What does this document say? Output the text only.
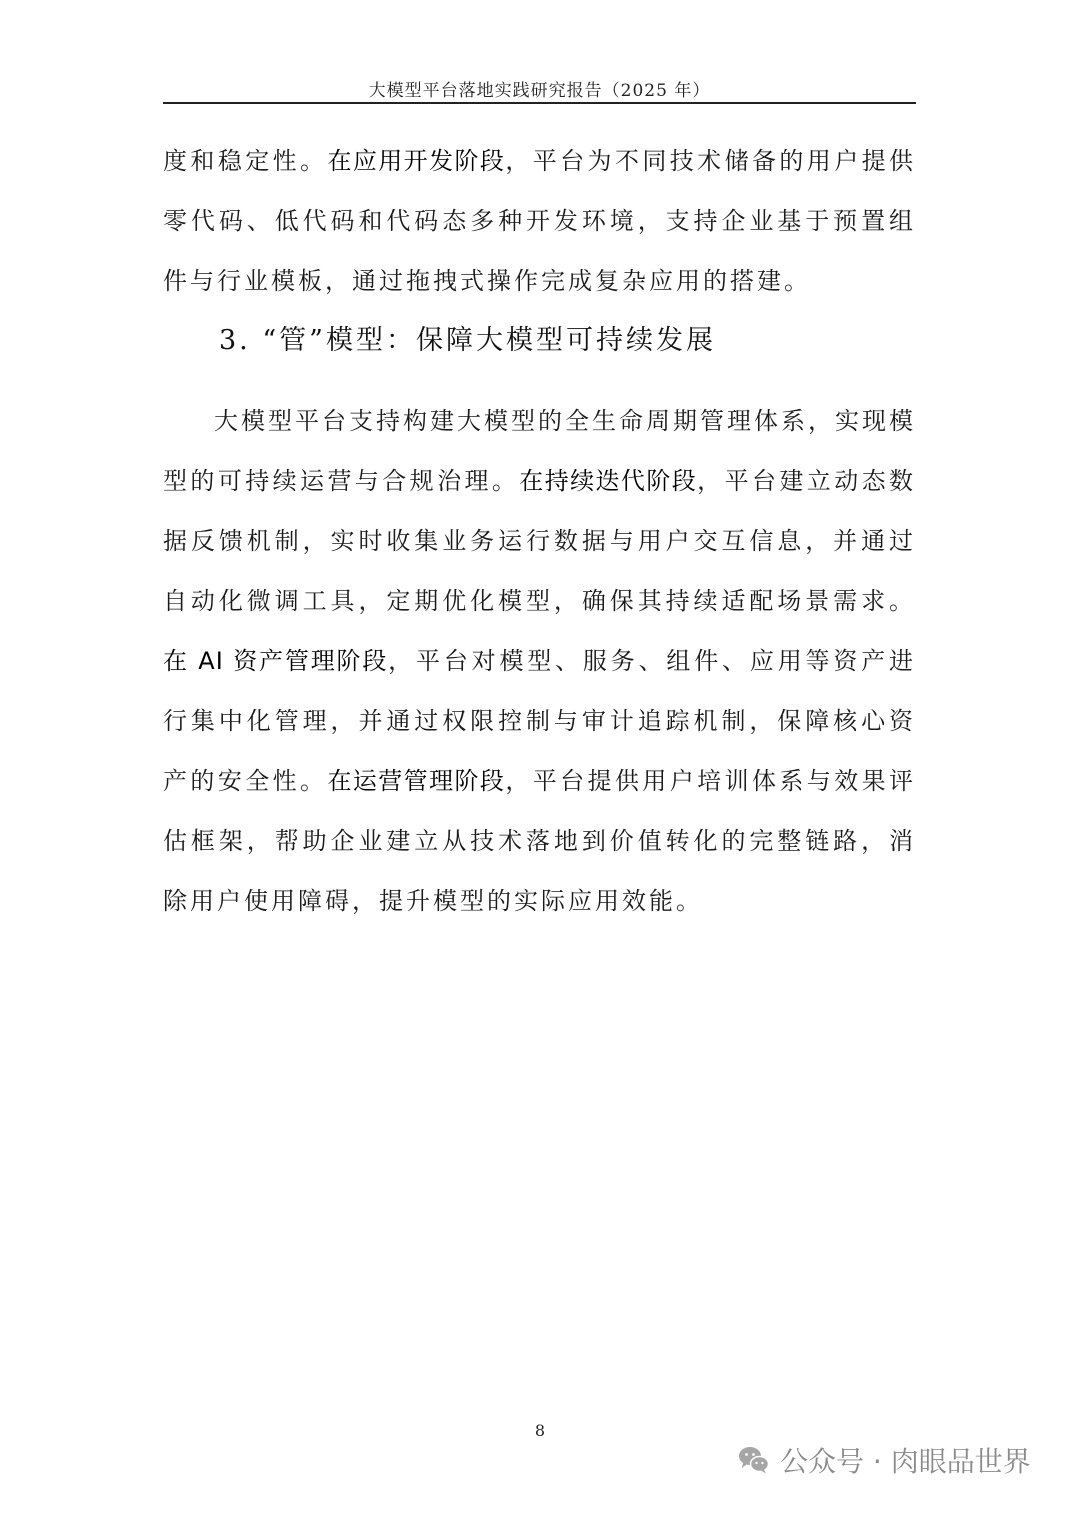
大模型平台落地实践研究报告（2025 年）

度和稳定性。在应用开发阶段，平台为不同技术储备的用户提供零代码、低代码和代码态多种开发环境，支持企业基于预置组件与行业模板，通过拖拽式操作完成复杂应用的搭建。

3. “管”模型：保障大模型可持续发展

大模型平台支持构建大模型的全生命周期管理体系，实现模型的可持续运营与合规治理。在持续迭代阶段，平台建立动态数据反馈机制，实时收集业务运行数据与用户交互信息，并通过自动化微调工具，定期优化模型，确保其持续适配场景需求。在 AI 资产管理阶段，平台对模型、服务、组件、应用等资产进行集中化管理，并通过权限控制与审计追踪机制，保障核心资产的安全性。在运营管理阶段，平台提供用户培训体系与效果评估框架，帮助企业建立从技术落地到价值转化的完整链路，消除用户使用障碍，提升模型的实际应用效能。

8
公众号 · 肉眼品世界
